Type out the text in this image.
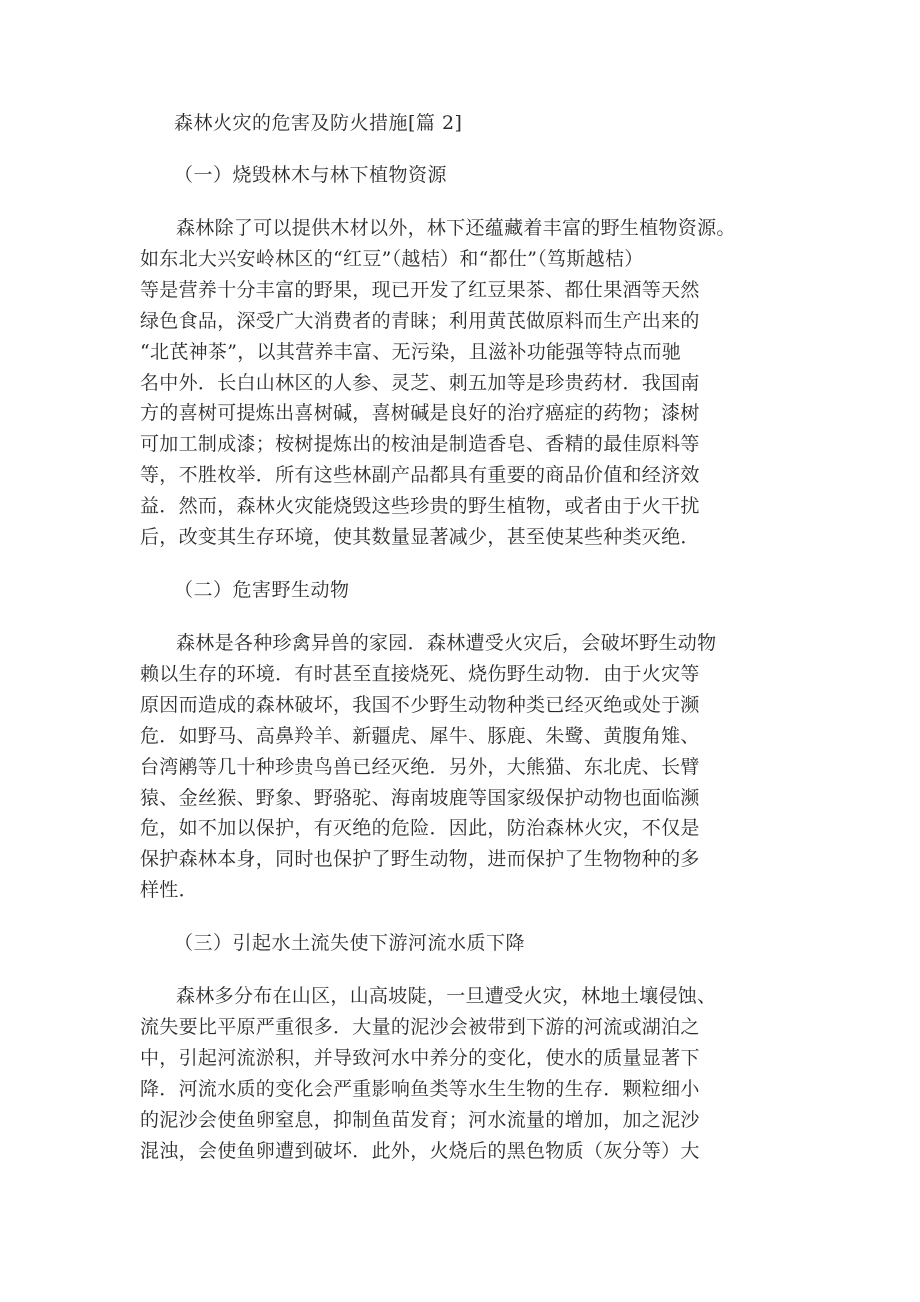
森林火灾的危害及防火措施[篇 2]
（一）烧毁林木与林下植物资源
森林除了可以提供木材以外，林下还蕴藏着丰富的野生植物资源。
如东北大兴安岭林区的“红豆”（越桔）和“都仕”（笃斯越桔）
等是营养十分丰富的野果，现已开发了红豆果茶、都仕果酒等天然
绿色食品，深受广大消费者的青睐；利用黄芪做原料而生产出来的
“北芪神茶”，以其营养丰富、无污染，且滋补功能强等特点而驰
名中外．长白山林区的人参、灵芝、刺五加等是珍贵药材．我国南
方的喜树可提炼出喜树碱，喜树碱是良好的治疗癌症的药物；漆树
可加工制成漆；桉树提炼出的桉油是制造香皂、香精的最佳原料等
等，不胜枚举．所有这些林副产品都具有重要的商品价值和经济效
益．然而，森林火灾能烧毁这些珍贵的野生植物，或者由于火干扰
后，改变其生存环境，使其数量显著减少，甚至使某些种类灭绝．
（二）危害野生动物
森林是各种珍禽异兽的家园．森林遭受火灾后，会破坏野生动物
赖以生存的环境．有时甚至直接烧死、烧伤野生动物．由于火灾等
原因而造成的森林破坏，我国不少野生动物种类已经灭绝或处于濒
危．如野马、高鼻羚羊、新疆虎、犀牛、豚鹿、朱鹭、黄腹角雉、
台湾鹇等几十种珍贵鸟兽已经灭绝．另外，大熊猫、东北虎、长臂
猿、金丝猴、野象、野骆驼、海南坡鹿等国家级保护动物也面临濒
危，如不加以保护，有灭绝的危险．因此，防治森林火灾，不仅是
保护森林本身，同时也保护了野生动物，进而保护了生物物种的多
样性．
（三）引起水土流失使下游河流水质下降
森林多分布在山区，山高坡陡，一旦遭受火灾，林地土壤侵蚀、
流失要比平原严重很多．大量的泥沙会被带到下游的河流或湖泊之
中，引起河流淤积，并导致河水中养分的变化，使水的质量显著下
降．河流水质的变化会严重影响鱼类等水生生物的生存．颗粒细小
的泥沙会使鱼卵窒息，抑制鱼苗发育；河水流量的增加，加之泥沙
混浊，会使鱼卵遭到破坏．此外，火烧后的黑色物质（灰分等）大
